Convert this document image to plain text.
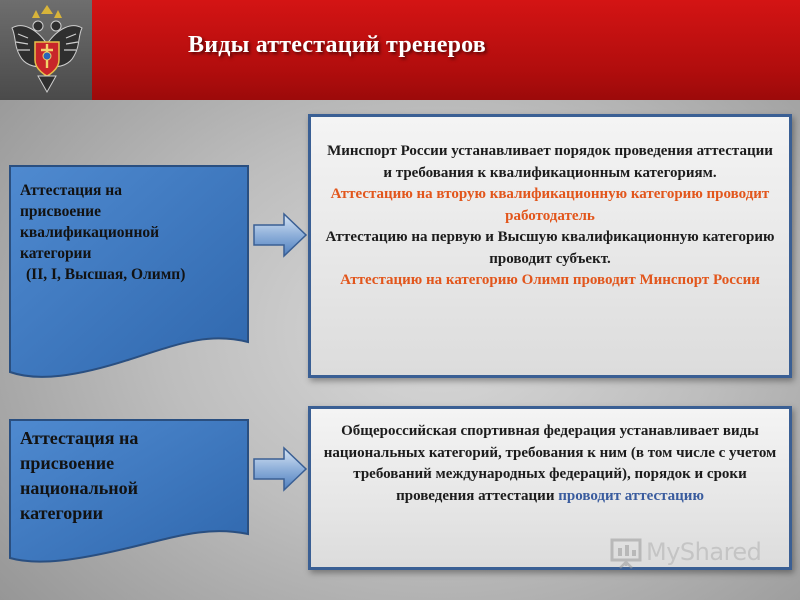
Виды аттестаций тренеров
Аттестация на
присвоение
квалификационной
категории

(II, I, Высшая, Олимп)
Минспорт России устанавливает порядок проведения аттестации и требования к квалификационным категориям.
Аттестацию на вторую квалификационную категорию проводит работодатель
Аттестацию на первую и Высшую квалификационную категорию проводит субъект.
Аттестацию на категорию Олимп проводит Минспорт России
Аттестация на
присвоение
национальной
категории
Общероссийская спортивная федерация устанавливает виды национальных категорий, требования к ним (в том числе с учетом требований международных федераций), порядок и сроки проведения аттестации проводит аттестацию
MyShared
